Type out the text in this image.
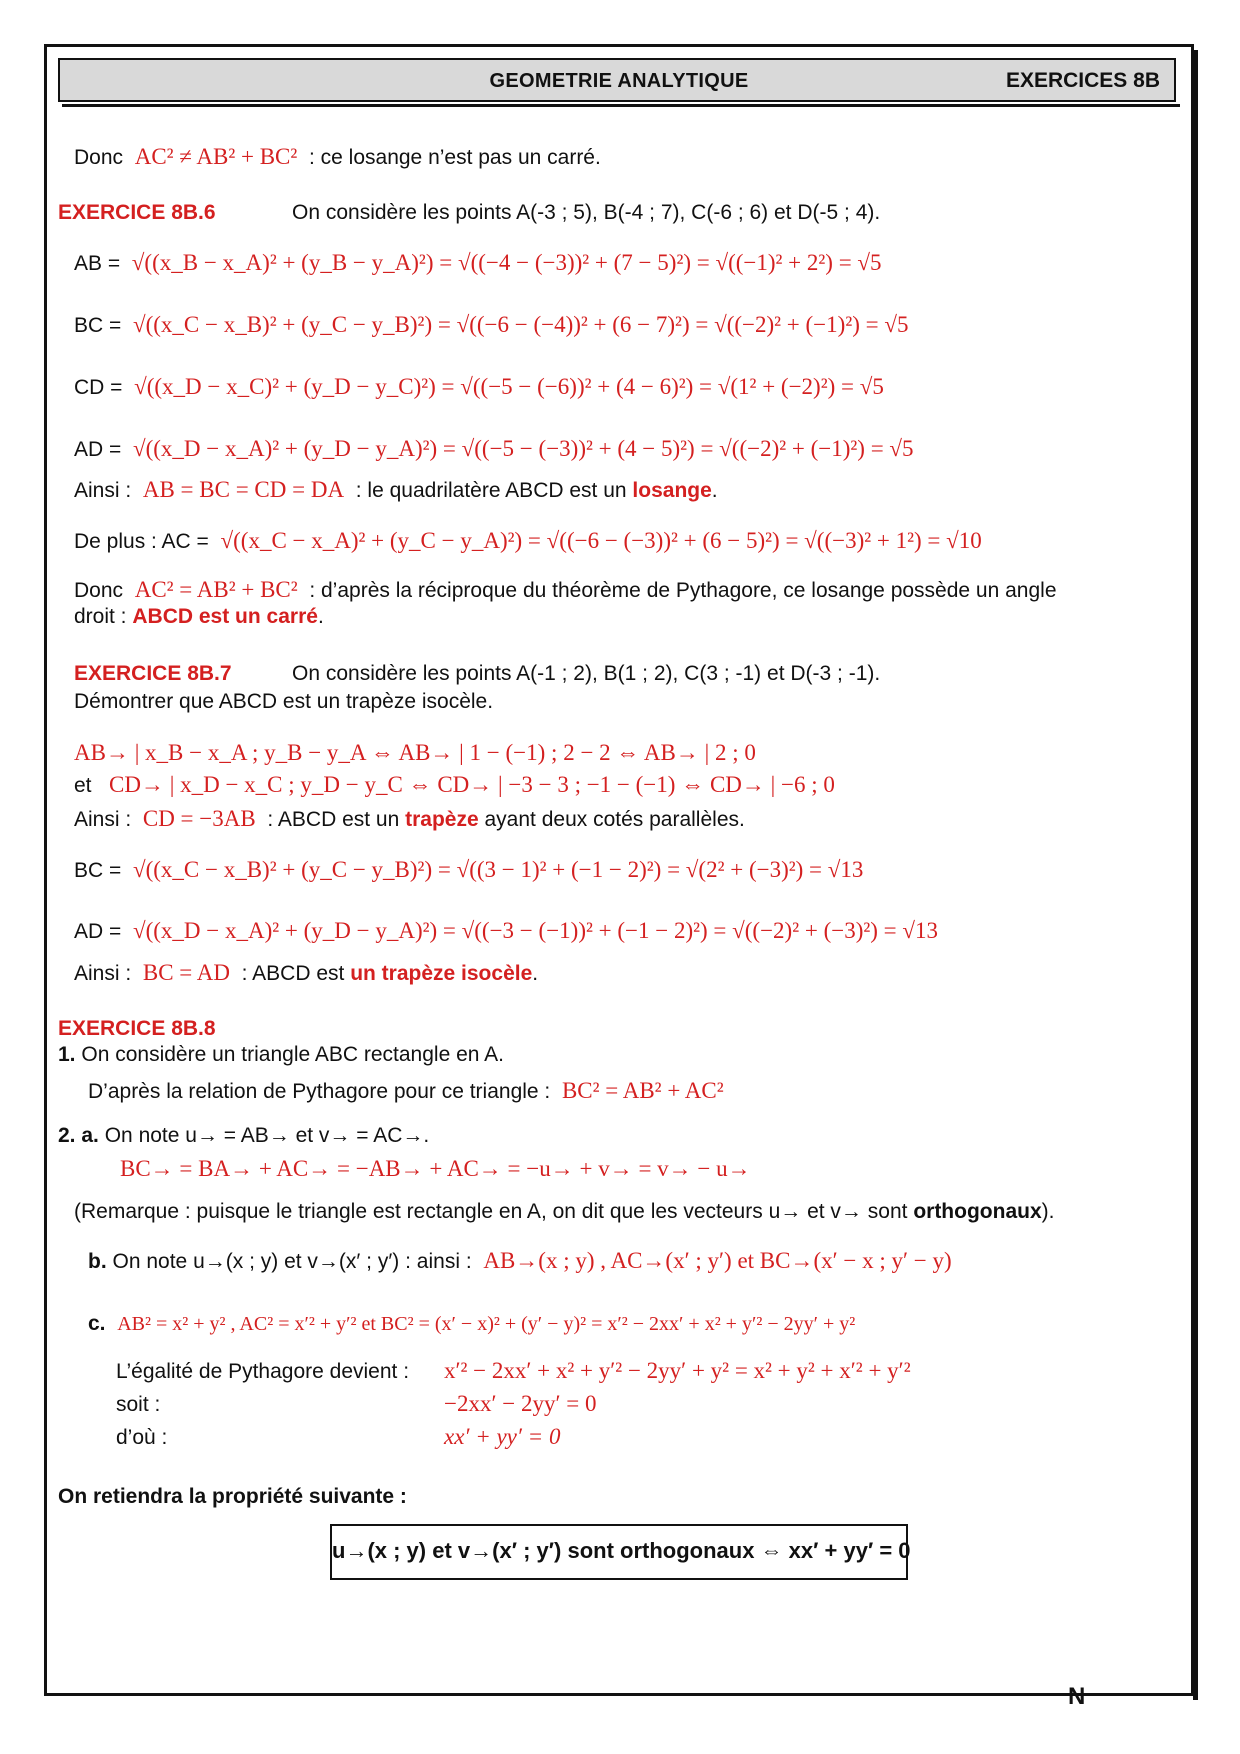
GEOMETRIE ANALYTIQUE	EXERCICES 8B
Donc AC² ≠ AB² + BC² : ce losange n’est pas un carré.
EXERCICE 8B.6	On considère les points A(-3 ; 5), B(-4 ; 7), C(-6 ; 6) et D(-5 ; 4).
AB = √((x_B − x_A)² + (y_B − y_A)²) = √((−4 − (−3))² + (7 − 5)²) = √((−1)² + 2²) = √5
BC = √((x_C − x_B)² + (y_C − y_B)²) = √((−6 − (−4))² + (6 − 7)²) = √((−2)² + (−1)²) = √5
CD = √((x_D − x_C)² + (y_D − y_C)²) = √((−5 − (−6))² + (4 − 6)²) = √(1² + (−2)²) = √5
AD = √((x_D − x_A)² + (y_D − y_A)²) = √((−5 − (−3))² + (4 − 5)²) = √((−2)² + (−1)²) = √5
Ainsi : AB = BC = CD = DA : le quadrilatère ABCD est un losange.
De plus : AC = √((x_C − x_A)² + (y_C − y_A)²) = √((−6 − (−3))² + (6 − 5)²) = √((−3)² + 1²) = √10
Donc AC² = AB² + BC² : d’après la réciproque du théorème de Pythagore, ce losange possède un angle
droit : ABCD est un carré.
EXERCICE 8B.7	On considère les points A(-1 ; 2), B(1 ; 2), C(3 ; -1) et D(-3 ; -1).
Démontrer que ABCD est un trapèze isocèle.
AB→ | x_B − x_A ; y_B − y_A ⇔ AB→ | 1 − (−1) ; 2 − 2 ⇔ AB→ | 2 ; 0
et CD→ | x_D − x_C ; y_D − y_C ⇔ CD→ | −3 − 3 ; −1 − (−1) ⇔ CD→ | −6 ; 0
Ainsi : CD = −3AB : ABCD est un trapèze ayant deux cotés parallèles.
BC = √((x_C − x_B)² + (y_C − y_B)²) = √((3 − 1)² + (−1 − 2)²) = √(2² + (−3)²) = √13
AD = √((x_D − x_A)² + (y_D − y_A)²) = √((−3 − (−1))² + (−1 − 2)²) = √((−2)² + (−3)²) = √13
Ainsi : BC = AD : ABCD est un trapèze isocèle.
EXERCICE 8B.8
1. On considère un triangle ABC rectangle en A.
D’après la relation de Pythagore pour ce triangle : BC² = AB² + AC²
2. a. On note u→ = AB→ et v→ = AC→.
BC→ = BA→ + AC→ = −AB→ + AC→ = −u→ + v→ = v→ − u→
(Remarque : puisque le triangle est rectangle en A, on dit que les vecteurs u→ et v→ sont orthogonaux).
b. On note u→(x ; y) et v→(x′ ; y′) : ainsi : AB→(x ; y) , AC→(x′ ; y′) et BC→(x′ − x ; y′ − y)
c. AB² = x² + y² , AC² = x′² + y′² et BC² = (x′ − x)² + (y′ − y)² = x′² − 2xx′ + x² + y′² − 2yy′ + y²
L’égalité de Pythagore devient : x′² − 2xx′ + x² + y′² − 2yy′ + y² = x² + y² + x′² + y′²
soit :	−2xx′ − 2yy′ = 0
d’où :	xx′ + yy′ = 0
On retiendra la propriété suivante :
u→(x ; y) et v→(x′ ; y′) sont orthogonaux ⇔ xx′ + yy′ = 0
N
